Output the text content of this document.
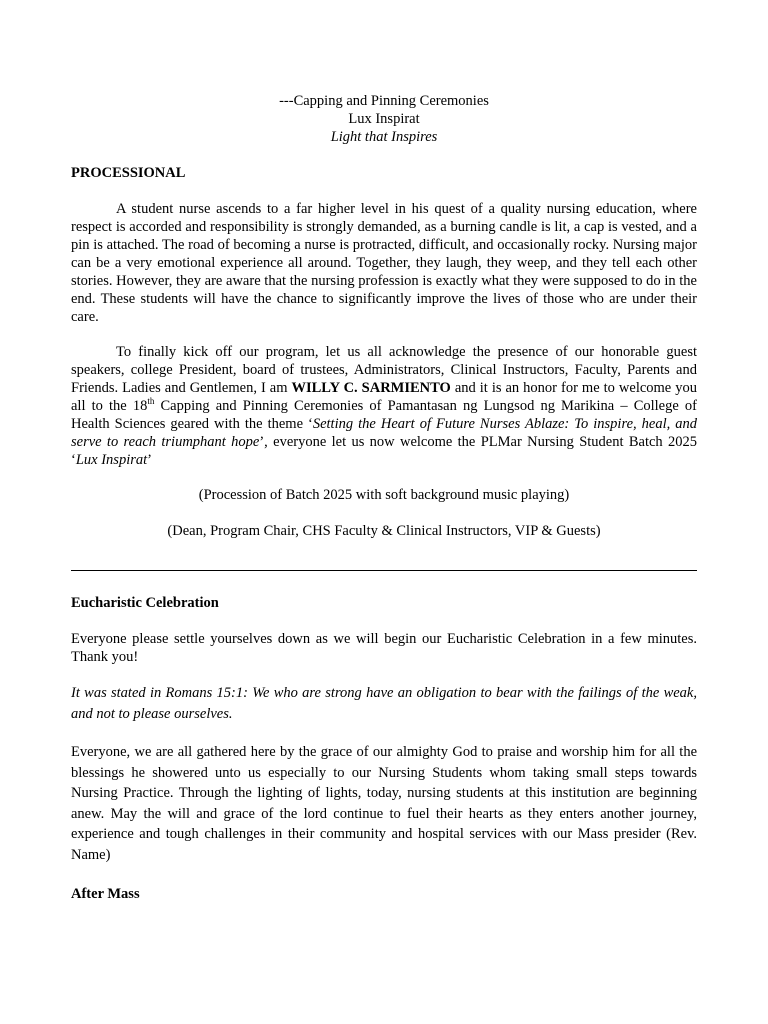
---Capping and Pinning Ceremonies
Lux Inspirat
Light that Inspires
PROCESSIONAL
A student nurse ascends to a far higher level in his quest of a quality nursing education, where respect is accorded and responsibility is strongly demanded, as a burning candle is lit, a cap is vested, and a pin is attached. The road of becoming a nurse is protracted, difficult, and occasionally rocky. Nursing major can be a very emotional experience all around. Together, they laugh, they weep, and they tell each other stories. However, they are aware that the nursing profession is exactly what they were supposed to do in the end. These students will have the chance to significantly improve the lives of those who are under their care.
To finally kick off our program, let us all acknowledge the presence of our honorable guest speakers, college President, board of trustees, Administrators, Clinical Instructors, Faculty, Parents and Friends. Ladies and Gentlemen, I am WILLY C. SARMIENTO and it is an honor for me to welcome you all to the 18th Capping and Pinning Ceremonies of Pamantasan ng Lungsod ng Marikina – College of Health Sciences geared with the theme ‘Setting the Heart of Future Nurses Ablaze: To inspire, heal, and serve to reach triumphant hope’, everyone let us now welcome the PLMar Nursing Student Batch 2025 ‘Lux Inspirat’
(Procession of Batch 2025 with soft background music playing)
(Dean, Program Chair, CHS Faculty & Clinical Instructors, VIP & Guests)
Eucharistic Celebration
Everyone please settle yourselves down as we will begin our Eucharistic Celebration in a few minutes. Thank you!
It was stated in Romans 15:1: We who are strong have an obligation to bear with the failings of the weak, and not to please ourselves.
Everyone, we are all gathered here by the grace of our almighty God to praise and worship him for all the blessings he showered unto us especially to our Nursing Students whom taking small steps towards Nursing Practice. Through the lighting of lights, today, nursing students at this institution are beginning anew. May the will and grace of the lord continue to fuel their hearts as they enters another journey, experience and tough challenges in their community and hospital services with our Mass presider (Rev. Name)
After Mass
